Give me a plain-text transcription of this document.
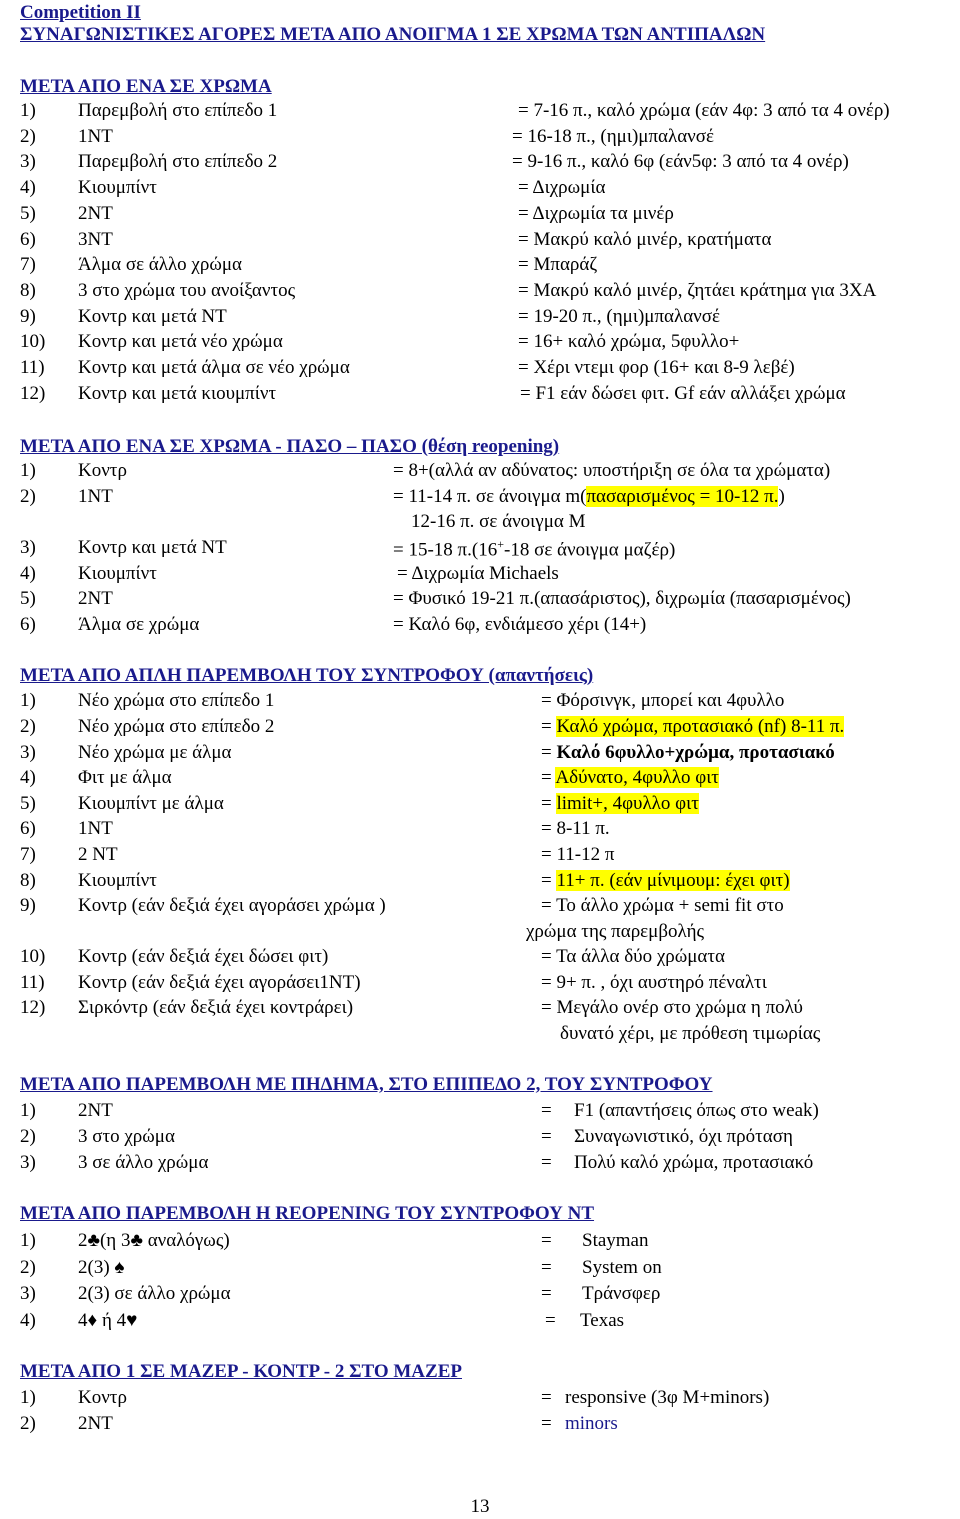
Competition II
ΣΥΝΑΓΩΝΙΣΤΙΚΕΣ ΑΓΟΡΕΣ ΜΕΤΑ ΑΠΟ ΑΝΟΙΓΜΑ 1 ΣΕ ΧΡΩΜΑ ΤΩΝ ΑΝΤΙΠΑΛΩΝ
ΜΕΤΑ ΑΠΟ ΕΝΑ ΣΕ ΧΡΩΜΑ
1) Παρεμβολή στο επίπεδο 1	= 7-16 π., καλό χρώμα (εάν 4φ: 3 από τα 4 ονέρ)
2) 1NT	= 16-18 π., (ημι)μπαλανσέ
3) Παρεμβολή στο επίπεδο 2	= 9-16 π., καλό 6φ (εάν5φ: 3 από τα 4 ονέρ)
4) Κιουμπίντ	= Διχρωμία
5) 2NT	= Διχρωμία τα μινέρ
6) 3NT	= Μακρύ καλό μινέρ, κρατήματα
7) Άλμα σε άλλο χρώμα	= Μπαράζ
8) 3 στο χρώμα του ανοίξαντος	= Μακρύ καλό μινέρ, ζητάει κράτημα για 3ΧΑ
9) Κοντρ και μετά NT	= 19-20 π., (ημι)μπαλανσέ
10) Κοντρ και μετά νέο χρώμα	= 16+ καλό χρώμα, 5φυλλο+
11) Κοντρ και μετά άλμα σε νέο χρώμα	= Χέρι ντεμι φορ (16+ και 8-9 λεβέ)
12) Κοντρ και μετά κιουμπίντ	= F1 εάν δώσει φιτ. Gf εάν αλλάξει χρώμα
ΜΕΤΑ ΑΠΟ ΕΝΑ ΣΕ ΧΡΩΜΑ - ΠΑΣΟ – ΠΑΣΟ (θέση reopening)
1) Κοντρ	= 8+(αλλά αν αδύνατος: υποστήριξη σε όλα τα χρώματα)
2) 1NT	= 11-14 π. σε άνοιγμα m(πασαρισμένος = 10-12 π.)
12-16 π. σε άνοιγμα M
3) Κοντρ και μετά NT	= 15-18 π.(16+-18 σε άνοιγμα μαζέρ)
4) Κιουμπίντ	= Διχρωμία Michaels
5) 2NT	= Φυσικό 19-21 π.(απασάριστος), διχρωμία (πασαρισμένος)
6) Άλμα σε χρώμα	= Καλό 6φ, ενδιάμεσο χέρι (14+)
ΜΕΤΑ ΑΠΟ ΑΠΛΗ ΠΑΡΕΜΒΟΛΗ ΤΟΥ ΣΥΝΤΡΟΦΟΥ (απαντήσεις)
1) Νέο χρώμα στο επίπεδο 1	= Φόρσινγκ, μπορεί και 4φυλλο
2) Νέο χρώμα στο επίπεδο 2	= Καλό χρώμα, προτασιακό (nf) 8-11 π.
3) Νέο χρώμα με άλμα	= Καλό 6φυλλο+χρώμα, προτασιακό
4) Φιτ με άλμα	= Αδύνατο, 4φυλλο φιτ
5) Κιουμπίντ με άλμα	= limit+, 4φυλλο φιτ
6) 1NT	= 8-11 π.
7) 2 NT	= 11-12 π
8) Κιουμπίντ	= 11+ π. (εάν μίνιμουμ: έχει φιτ)
9) Κοντρ (εάν δεξιά έχει αγοράσει χρώμα )	= Το άλλο χρώμα + semi fit στο
χρώμα της παρεμβολής
10) Κοντρ (εάν δεξιά έχει δώσει φιτ)	= Τα άλλα δύο χρώματα
11) Κοντρ (εάν δεξιά έχει αγοράσει1NT)	= 9+ π. , όχι αυστηρό πέναλτι
12) Σιρκόντρ (εάν δεξιά έχει κοντράρει)	= Μεγάλο ονέρ στο χρώμα η πολύ
δυνατό χέρι, με πρόθεση τιμωρίας
ΜΕΤΑ ΑΠΟ ΠΑΡΕΜΒΟΛΗ ΜΕ ΠΗΔΗΜΑ, ΣΤΟ ΕΠΙΠΕΔΟ 2, ΤΟΥ ΣΥΝΤΡΟΦΟΥ
1) 2NT	= F1 (απαντήσεις όπως στο weak)
2) 3 στο χρώμα	= Συναγωνιστικό, όχι πρόταση
3) 3 σε άλλο χρώμα	= Πολύ καλό χρώμα, προτασιακό
ΜΕΤΑ ΑΠΟ ΠΑΡΕΜΒΟΛΗ Η REOPENING ΤΟΥ ΣΥΝΤΡΟΦΟΥ NT
1) 2♣(η 3♣ αναλόγως)	= Stayman
2) 2(3) ♠	= System on
3) 2(3) σε άλλο χρώμα	= Τράνσφερ
4) 4♦ ή 4♥	= Texas
ΜΕΤΑ ΑΠΟ 1 ΣΕ ΜΑΖΕΡ - ΚΟΝΤΡ - 2 ΣΤΟ ΜΑΖΕΡ
1) Κοντρ	= responsive (3φ M+minors)
2) 2NT	= minors
13
